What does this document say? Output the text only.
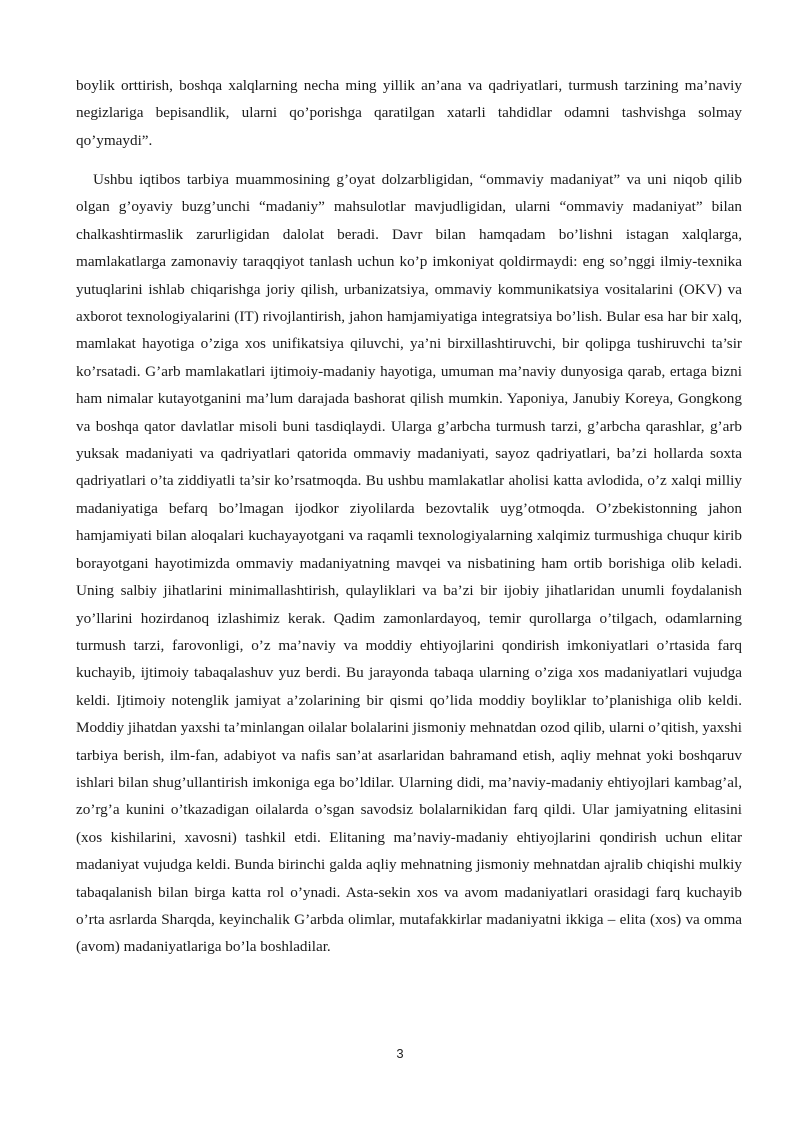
boylik orttirish, boshqa xalqlarning necha ming yillik an’ana va qadriyatlari, turmush tarzining ma’naviy negizlariga bepisandlik, ularni qo’porishga qaratilgan xatarli tahdidlar odamni tashvishga solmay qo’ymaydi”.

Ushbu iqtibos tarbiya muammosining g’oyat dolzarbligidan, “ommaviy madaniyat” va uni niqob qilib olgan g’oyaviy buzg’unchi “madaniy” mahsulotlar mavjudligidan, ularni “ommaviy madaniyat” bilan chalkashtirmaslik zarurligidan dalolat beradi. Davr bilan hamqadam bo’lishni istagan xalqlarga, mamlakatlarga zamonaviy taraqqiyot tanlash uchun ko’p imkoniyat qoldirmaydi: eng so’nggi ilmiy-texnika yutuqlarini ishlab chiqarishga joriy qilish, urbanizatsiya, ommaviy kommunikatsiya vositalarini (OKV) va axborot texnologiyalarini (IT) rivojlantirish, jahon hamjamiyatiga integratsiya bo’lish. Bular esa har bir xalq, mamlakat hayotiga o’ziga xos unifikatsiya qiluvchi, ya’ni birxillashtiruvchi, bir qolipga tushiruvchi ta’sir ko’rsatadi. G’arb mamlakatlari ijtimoiy-madaniy hayotiga, umuman ma’naviy dunyosiga qarab, ertaga bizni ham nimalar kutayotganini ma’lum darajada bashorat qilish mumkin. Yaponiya, Janubiy Koreya, Gongkong va boshqa qator davlatlar misoli buni tasdiqlaydi. Ularga g’arbcha turmush tarzi, g’arbcha qarashlar, g’arb yuksak madaniyati va qadriyatlari qatorida ommaviy madaniyati, sayoz qadriyatlari, ba’zi hollarda soxta qadriyatlari o’ta ziddiyatli ta’sir ko’rsatmoqda. Bu ushbu mamlakatlar aholisi katta avlodida, o’z xalqi milliy madaniyatiga befarq bo’lmagan ijodkor ziyolilarda bezovtalik uyg’otmoqda. O’zbekistonning jahon hamjamiyati bilan aloqalari kuchayayotgani va raqamli texnologiyalarning xalqimiz turmushiga chuqur kirib borayotgani hayotimizda ommaviy madaniyatning mavqei va nisbatining ham ortib borishiga olib keladi. Uning salbiy jihatlarini minimallashtirish, qulayliklari va ba’zi bir ijobiy jihatlaridan unumli foydalanish yo’llarini hozirdanoq izlashimiz kerak. Qadim zamonlardayoq, temir qurollarga o’tilgach, odamlarning turmush tarzi, farovonligi, o’z ma’naviy va moddiy ehtiyojlarini qondirish imkoniyatlari o’rtasida farq kuchayib, ijtimoiy tabaqalashuv yuz berdi. Bu jarayonda tabaqa ularning o’ziga xos madaniyatlari vujudga keldi. Ijtimoiy notenglik jamiyat a’zolarining bir qismi qo’lida moddiy boyliklar to’planishiga olib keldi. Moddiy jihatdan yaxshi ta’minlangan oilalar bolalarini jismoniy mehnatdan ozod qilib, ularni o’qitish, yaxshi tarbiya berish, ilm-fan, adabiyot va nafis san’at asarlaridan bahramand etish, aqliy mehnat yoki boshqaruv ishlari bilan shug’ullantirish imkoniga ega bo’ldilar. Ularning didi, ma’naviy-madaniy ehtiyojlari kambag’al, zo’rg’a kunini o’tkazadigan oilalarda o’sgan savodsiz bolalarnikidan farq qildi. Ular jamiyatning elitasini (xos kishilarini, xavosni) tashkil etdi. Elitaning ma’naviy-madaniy ehtiyojlarini qondirish uchun elitar madaniyat vujudga keldi. Bunda birinchi galda aqliy mehnatning jismoniy mehnatdan ajralib chiqishi mulkiy tabaqalanish bilan birga katta rol o’ynadi. Asta-sekin xos va avom madaniyatlari orasidagi farq kuchayib o’rta asrlarda Sharqda, keyinchalik G’arbda olimlar, mutafakkirlar madaniyatni ikkiga – elita (xos) va omma (avom) madaniyatlariga bo’la boshladilar.

3
